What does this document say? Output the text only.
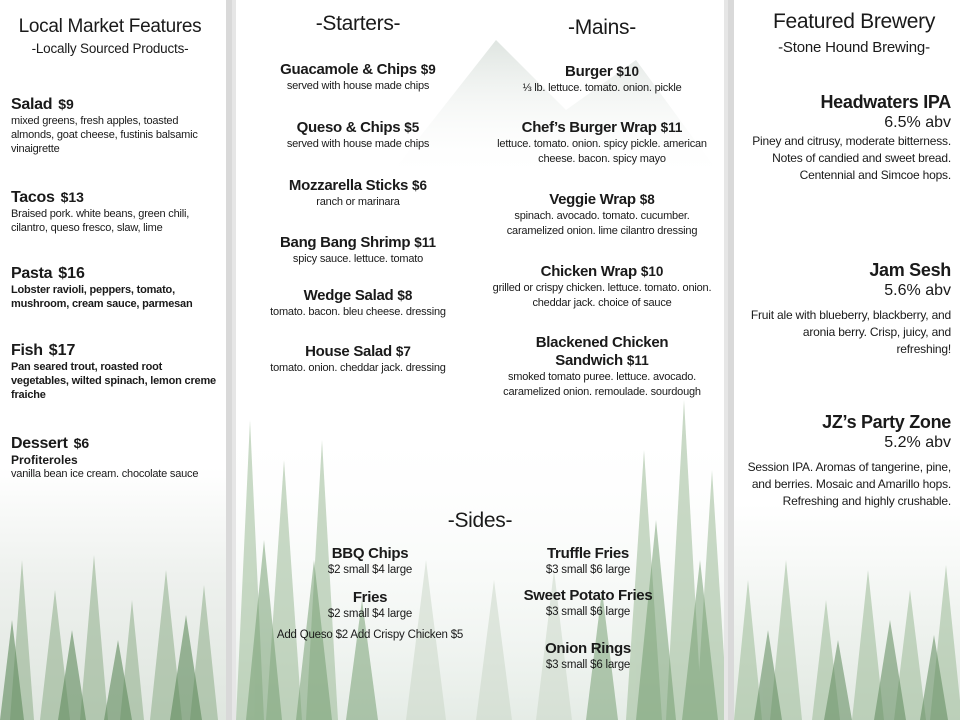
Local Market Features
-Locally Sourced Products-
Salad $9
mixed greens, fresh apples, toasted almonds, goat cheese, fustinis balsamic vinaigrette
Tacos $13
Braised pork. white beans, green chili, cilantro, queso fresco, slaw, lime
Pasta $16
Lobster ravioli, peppers, tomato, mushroom, cream sauce, parmesan
Fish $17
Pan seared trout, roasted root vegetables, wilted spinach, lemon creme fraiche
Dessert $6
Profiteroles
vanilla bean ice cream. chocolate sauce
-Starters-
Guacamole & Chips $9
served with house made chips
Queso & Chips $5
served with house made chips
Mozzarella Sticks $6
ranch or marinara
Bang Bang Shrimp $11
spicy sauce. lettuce. tomato
Wedge Salad $8
tomato. bacon. bleu cheese. dressing
House Salad $7
tomato. onion. cheddar jack. dressing
-Mains-
Burger $10
⅓ lb. lettuce. tomato. onion. pickle
Chef’s Burger Wrap $11
lettuce. tomato. onion. spicy pickle. american cheese. bacon. spicy mayo
Veggie Wrap $8
spinach. avocado. tomato. cucumber. caramelized onion. lime cilantro dressing
Chicken Wrap $10
grilled or crispy chicken. lettuce. tomato. onion. cheddar jack. choice of sauce
Blackened Chicken
Sandwich $11
smoked tomato puree. lettuce. avocado. caramelized onion. remoulade. sourdough
-Sides-
BBQ Chips
$2 small $4 large
Fries
$2 small $4 large
Add Queso $2 Add Crispy Chicken $5
Truffle Fries
$3 small $6 large
Sweet Potato Fries
$3 small $6 large
Onion Rings
$3 small $6 large
Featured Brewery
-Stone Hound Brewing-
Headwaters IPA
6.5% abv
Piney and citrusy, moderate bitterness. Notes of candied and sweet bread. Centennial and Simcoe hops.
Jam Sesh
5.6% abv
Fruit ale with blueberry, blackberry, and aronia berry. Crisp, juicy, and refreshing!
JZ’s Party Zone
5.2% abv
Session IPA. Aromas of tangerine, pine, and berries. Mosaic and Amarillo hops. Refreshing and highly crushable.
